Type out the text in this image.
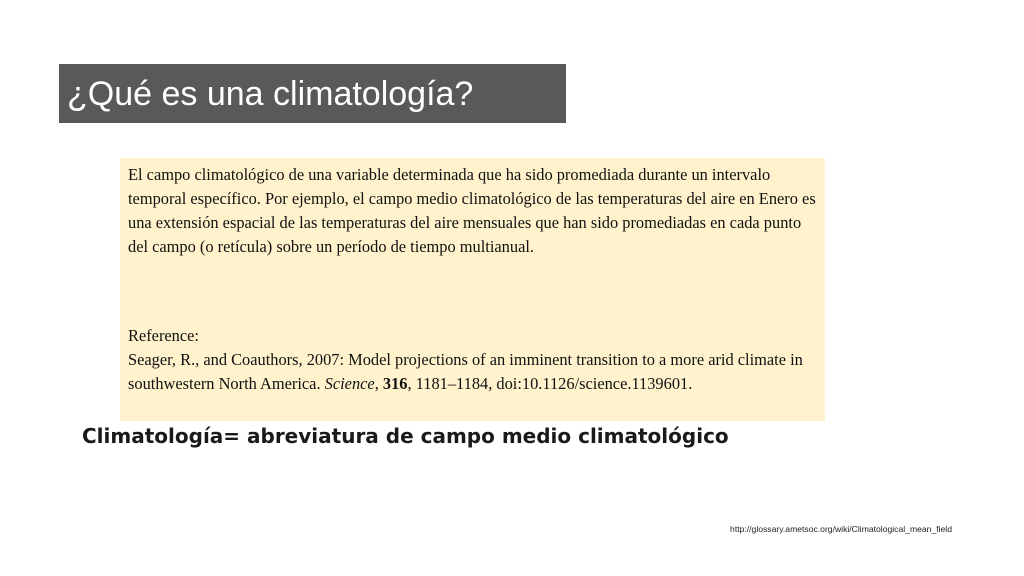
¿Qué es una climatología?

El campo climatológico de una variable determinada que ha sido promediada durante un intervalo temporal específico. Por ejemplo, el campo medio climatológico de las temperaturas del aire en Enero es una extensión espacial de las temperaturas del aire mensuales que han sido promediadas en cada punto del campo (o retícula) sobre un período de tiempo multianual.

Reference:
Seager, R., and Coauthors, 2007: Model projections of an imminent transition to a more arid climate in southwestern North America. Science, 316, 1181–1184, doi:10.1126/science.1139601.
Climatología= abreviatura de campo medio climatológico
http://glossary.ametsoc.org/wiki/Climatological_mean_field
